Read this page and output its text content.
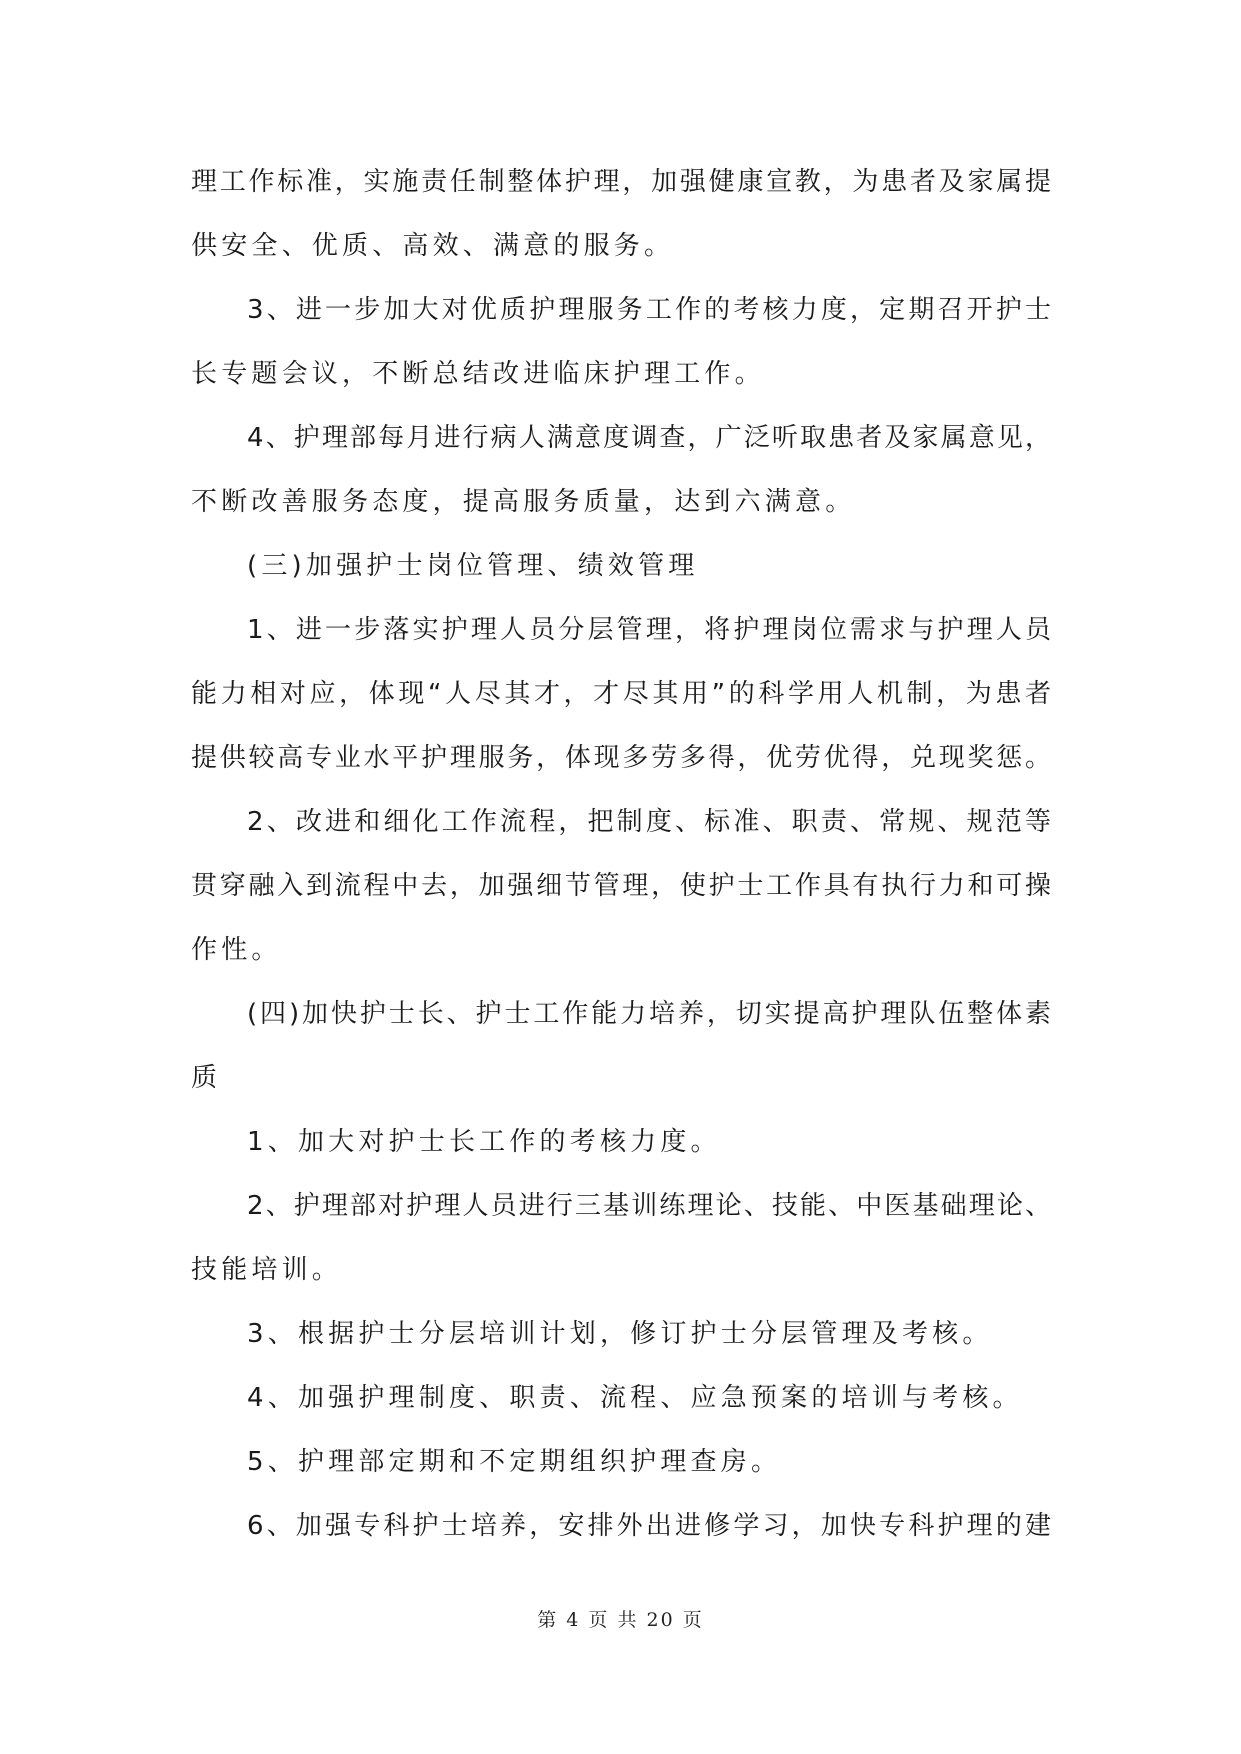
理工作标准，实施责任制整体护理，加强健康宣教，为患者及家属提
供安全、优质、高效、满意的服务。
3、进一步加大对优质护理服务工作的考核力度，定期召开护士
长专题会议，不断总结改进临床护理工作。
4、护理部每月进行病人满意度调查，广泛听取患者及家属意见，
不断改善服务态度，提高服务质量，达到六满意。
(三)加强护士岗位管理、绩效管理
1、进一步落实护理人员分层管理，将护理岗位需求与护理人员
能力相对应，体现“人尽其才，才尽其用”的科学用人机制，为患者
提供较高专业水平护理服务，体现多劳多得，优劳优得，兑现奖惩。
2、改进和细化工作流程，把制度、标准、职责、常规、规范等
贯穿融入到流程中去，加强细节管理，使护士工作具有执行力和可操
作性。
(四)加快护士长、护士工作能力培养，切实提高护理队伍整体素
质
1、加大对护士长工作的考核力度。
2、护理部对护理人员进行三基训练理论、技能、中医基础理论、
技能培训。
3、根据护士分层培训计划，修订护士分层管理及考核。
4、加强护理制度、职责、流程、应急预案的培训与考核。
5、护理部定期和不定期组织护理查房。
6、加强专科护士培养，安排外出进修学习，加快专科护理的建
第 4 页 共 20 页
